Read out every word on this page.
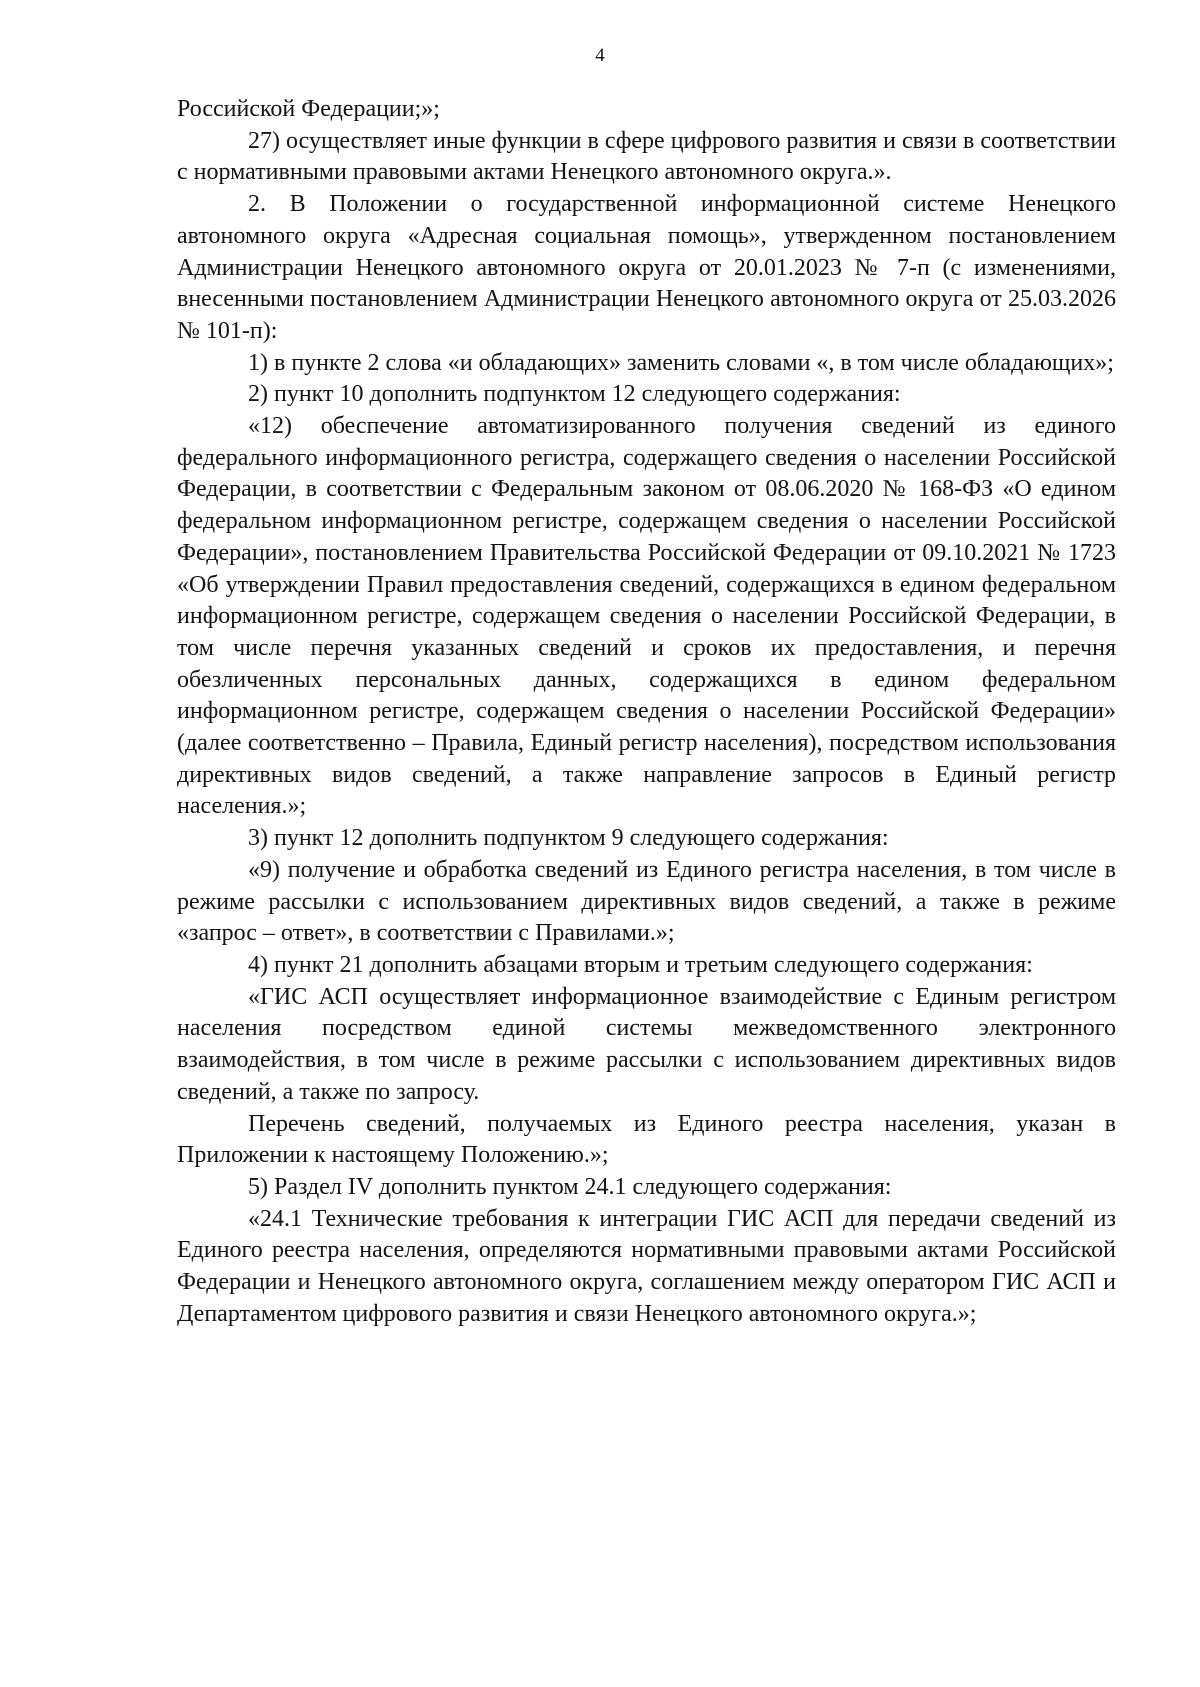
4

Российской Федерации;»;

27) осуществляет иные функции в сфере цифрового развития и связи в соответствии с нормативными правовыми актами Ненецкого автономного округа.».

2. В Положении о государственной информационной системе Ненецкого автономного округа «Адресная социальная помощь», утвержденном постановлением Администрации Ненецкого автономного округа от 20.01.2023 № 7-п (с изменениями, внесенными постановлением Администрации Ненецкого автономного округа от 25.03.2026 № 101-п):

1) в пункте 2 слова «и обладающих» заменить словами «, в том числе обладающих»;

2) пункт 10 дополнить подпунктом 12 следующего содержания:

«12) обеспечение автоматизированного получения сведений из единого федерального информационного регистра, содержащего сведения о населении Российской Федерации, в соответствии с Федеральным законом от 08.06.2020 № 168-ФЗ «О едином федеральном информационном регистре, содержащем сведения о населении Российской Федерации», постановлением Правительства Российской Федерации от 09.10.2021 № 1723 «Об утверждении Правил предоставления сведений, содержащихся в едином федеральном информационном регистре, содержащем сведения о населении Российской Федерации, в том числе перечня указанных сведений и сроков их предоставления, и перечня обезличенных персональных данных, содержащихся в едином федеральном информационном регистре, содержащем сведения о населении Российской Федерации» (далее соответственно – Правила, Единый регистр населения), посредством использования директивных видов сведений, а также направление запросов в Единый регистр населения.»;

3) пункт 12 дополнить подпунктом 9 следующего содержания:

«9) получение и обработка сведений из Единого регистра населения, в том числе в режиме рассылки с использованием директивных видов сведений, а также в режиме «запрос – ответ», в соответствии с Правилами.»;

4) пункт 21 дополнить абзацами вторым и третьим следующего содержания:

«ГИС АСП осуществляет информационное взаимодействие с Единым регистром населения посредством единой системы межведомственного электронного взаимодействия, в том числе в режиме рассылки с использованием директивных видов сведений, а также по запросу.

Перечень сведений, получаемых из Единого реестра населения, указан в Приложении к настоящему Положению.»;

5) Раздел IV дополнить пунктом 24.1 следующего содержания:

«24.1 Технические требования к интеграции ГИС АСП для передачи сведений из Единого реестра населения, определяются нормативными правовыми актами Российской Федерации и Ненецкого автономного округа, соглашением между оператором ГИС АСП и Департаментом цифрового развития и связи Ненецкого автономного округа.»;
